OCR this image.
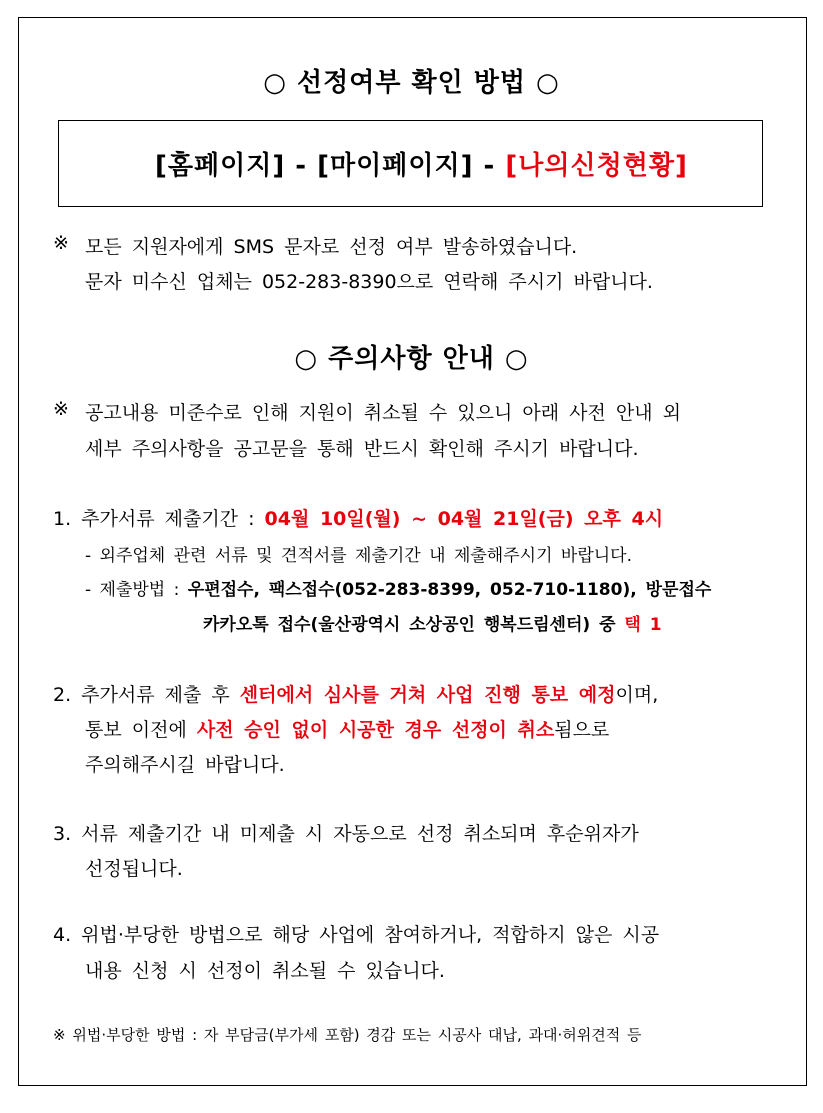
○ 선정여부 확인 방법 ○
[홈페이지] - [마이페이지] - [나의신청현황]
※ 모든 지원자에게 SMS 문자로 선정 여부 발송하였습니다.
문자 미수신 업체는 052-283-8390으로 연락해 주시기 바랍니다.
○ 주의사항 안내 ○
※ 공고내용 미준수로 인해 지원이 취소될 수 있으니 아래 사전 안내 외
세부 주의사항을 공고문을 통해 반드시 확인해 주시기 바랍니다.
1. 추가서류 제출기간 : 04월 10일(월) ~ 04월 21일(금) 오후 4시
- 외주업체 관련 서류 및 견적서를 제출기간 내 제출해주시기 바랍니다.
- 제출방법 : 우편접수, 팩스접수(052-283-8399, 052-710-1180), 방문접수
카카오톡 접수(울산광역시 소상공인 행복드림센터) 중 택 1
2. 추가서류 제출 후 센터에서 심사를 거쳐 사업 진행 통보 예정이며,
통보 이전에 사전 승인 없이 시공한 경우 선정이 취소됨으로
주의해주시길 바랍니다.
3. 서류 제출기간 내 미제출 시 자동으로 선정 취소되며 후순위자가
선정됩니다.
4. 위법·부당한 방법으로 해당 사업에 참여하거나, 적합하지 않은 시공
내용 신청 시 선정이 취소될 수 있습니다.
※ 위법·부당한 방법 : 자 부담금(부가세 포함) 경감 또는 시공사 대납, 과대·허위견적 등
